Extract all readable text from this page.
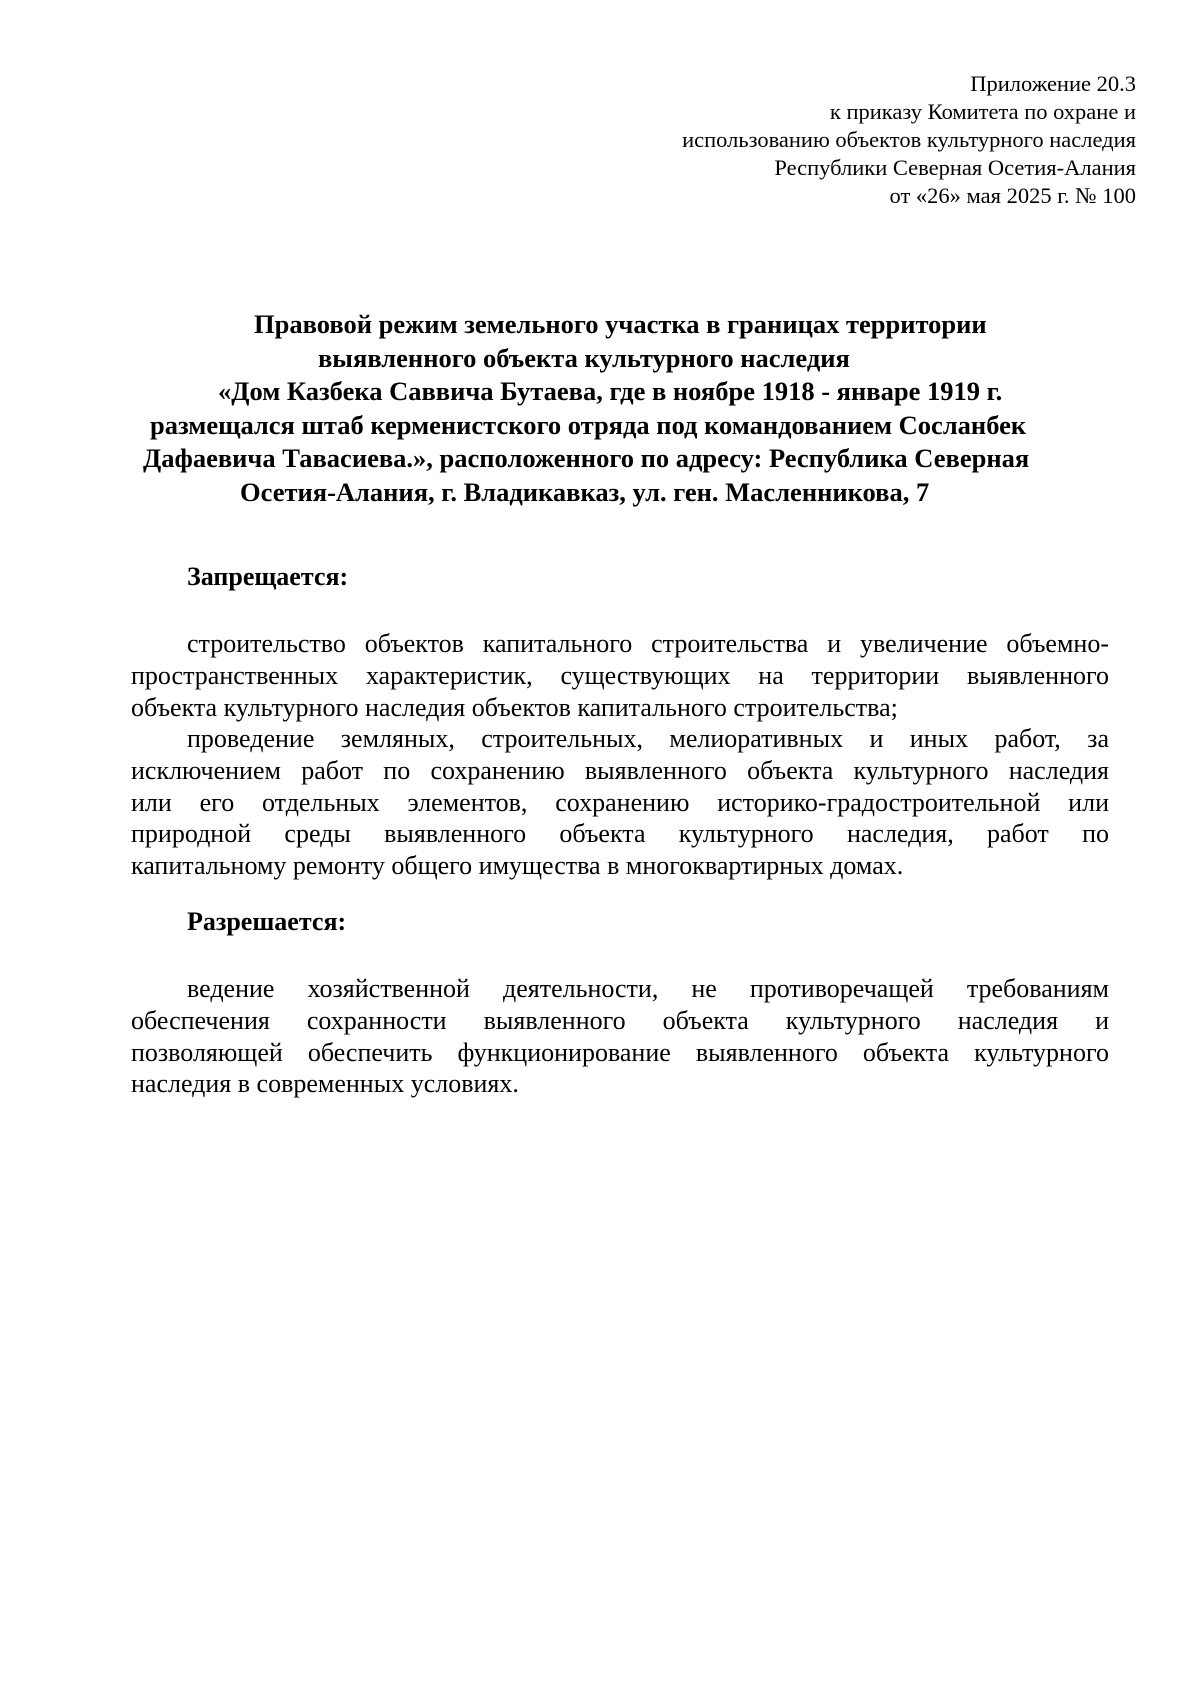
Приложение 20.3
к приказу Комитета по охране и
использованию объектов культурного наследия
Республики Северная Осетия-Алания
от «26» мая 2025 г. № 100
Правовой режим земельного участка в границах территории
выявленного объекта культурного наследия
«Дом Казбека Саввича Бутаева, где в ноябре 1918 - январе 1919 г.
размещался штаб керменистского отряда под командованием Сосланбек
Дафаевича Тавасиева.», расположенного по адресу: Республика Северная
Осетия-Алания, г. Владикавказ, ул. ген. Масленникова, 7
Запрещается:
строительство объектов капитального строительства и увеличение объемно-
пространственных характеристик, существующих на территории выявленного
объекта культурного наследия объектов капитального строительства;
проведение земляных, строительных, мелиоративных и иных работ, за
исключением работ по сохранению выявленного объекта культурного наследия
или его отдельных элементов, сохранению историко-градостроительной или
природной среды выявленного объекта культурного наследия, работ по
капитальному ремонту общего имущества в многоквартирных домах.
Разрешается:
ведение хозяйственной деятельности, не противоречащей требованиям
обеспечения сохранности выявленного объекта культурного наследия и
позволяющей обеспечить функционирование выявленного объекта культурного
наследия в современных условиях.
